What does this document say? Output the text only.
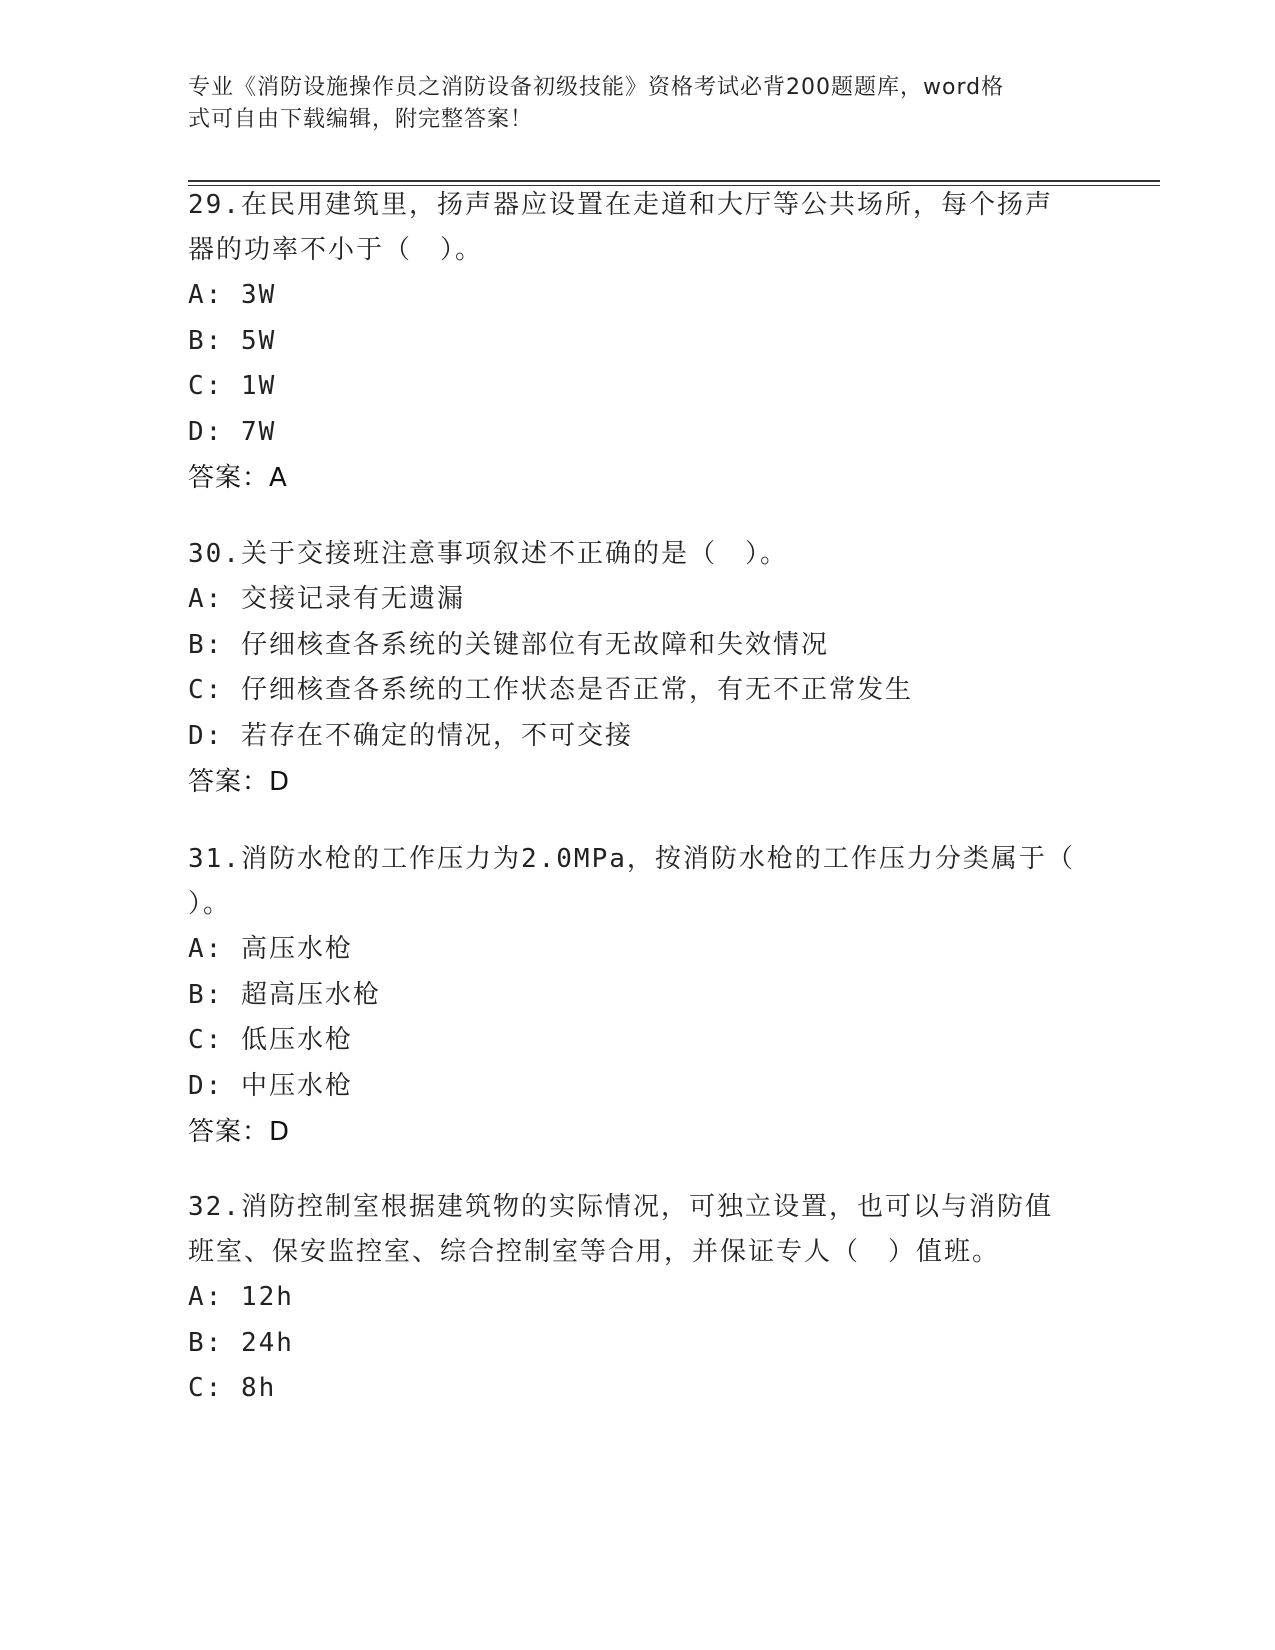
专业《消防设施操作员之消防设备初级技能》资格考试必背200题题库，word格
式可自由下载编辑，附完整答案！
29.在民用建筑里，扬声器应设置在走道和大厅等公共场所，每个扬声
器的功率不小于（　）。
A: 3W
B: 5W
C: 1W
D: 7W
答案：A
30.关于交接班注意事项叙述不正确的是（　）。
A: 交接记录有无遗漏
B: 仔细核查各系统的关键部位有无故障和失效情况
C: 仔细核查各系统的工作状态是否正常，有无不正常发生
D: 若存在不确定的情况，不可交接
答案：D
31.消防水枪的工作压力为2.0MPa，按消防水枪的工作压力分类属于（
）。
A: 高压水枪
B: 超高压水枪
C: 低压水枪
D: 中压水枪
答案：D
32.消防控制室根据建筑物的实际情况，可独立设置，也可以与消防值
班室、保安监控室、综合控制室等合用，并保证专人（　）值班。
A: 12h
B: 24h
C: 8h
